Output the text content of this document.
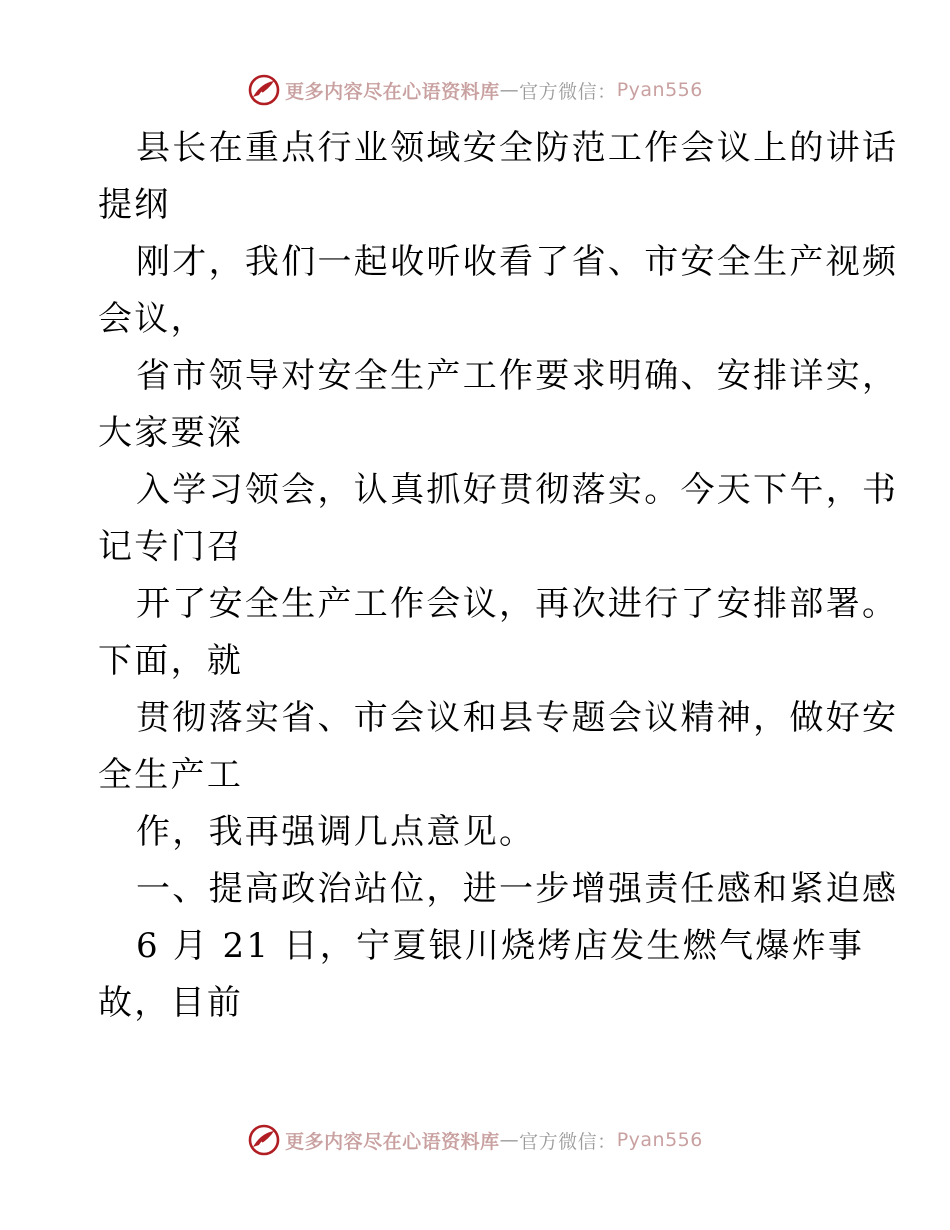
更多内容尽在心语资料库 — 官方微信： Pyan556
县长在重点行业领域安全防范工作会议上的讲话
提纲
刚才，我们一起收听收看了省、市安全生产视频
会议，
省市领导对安全生产工作要求明确、安排详实，
大家要深
入学习领会，认真抓好贯彻落实。今天下午，书
记专门召
开了安全生产工作会议，再次进行了安排部署。
下面，就
贯彻落实省、市会议和县专题会议精神，做好安
全生产工
作，我再强调几点意见。
一、提高政治站位，进一步增强责任感和紧迫感
6 月 21 日，宁夏银川烧烤店发生燃气爆炸事
故，目前
更多内容尽在心语资料库 — 官方微信： Pyan556
